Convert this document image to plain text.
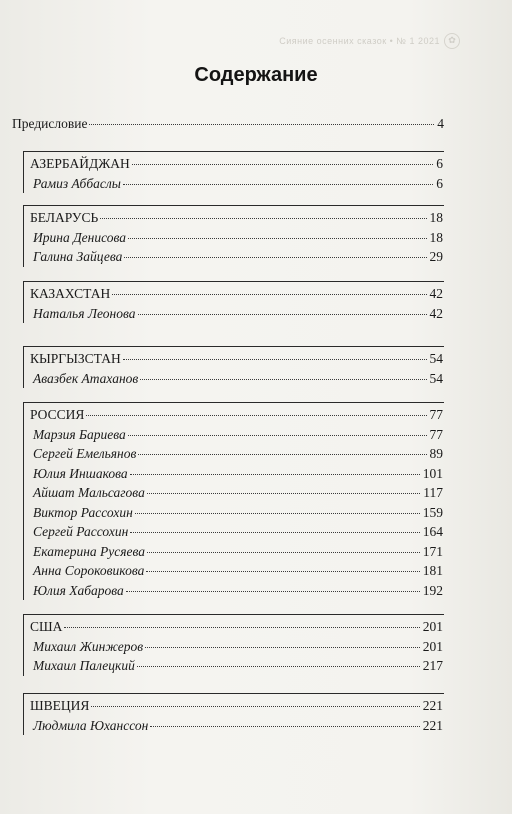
Сияние осенних сказок • № 1 2021 ✿
Содержание
Предисловие	4
АЗЕРБАЙДЖАН	6
Рамиз Аббаслы	6
БЕЛАРУСЬ	18
Ирина Денисова	18
Галина Зайцева	29
КАЗАХСТАН	42
Наталья Леонова	42
КЫРГЫЗСТАН	54
Авазбек Атаханов	54
РОССИЯ	77
Марзия Бариева	77
Сергей Емельянов	89
Юлия Иншакова	101
Айшат Мальсагова	117
Виктор Рассохин	159
Сергей Рассохин	164
Екатерина Русяева	171
Анна Сороковикова	181
Юлия Хабарова	192
США	201
Михаил Жинжеров	201
Михаил Палецкий	217
ШВЕЦИЯ	221
Людмила Юханссон	221
